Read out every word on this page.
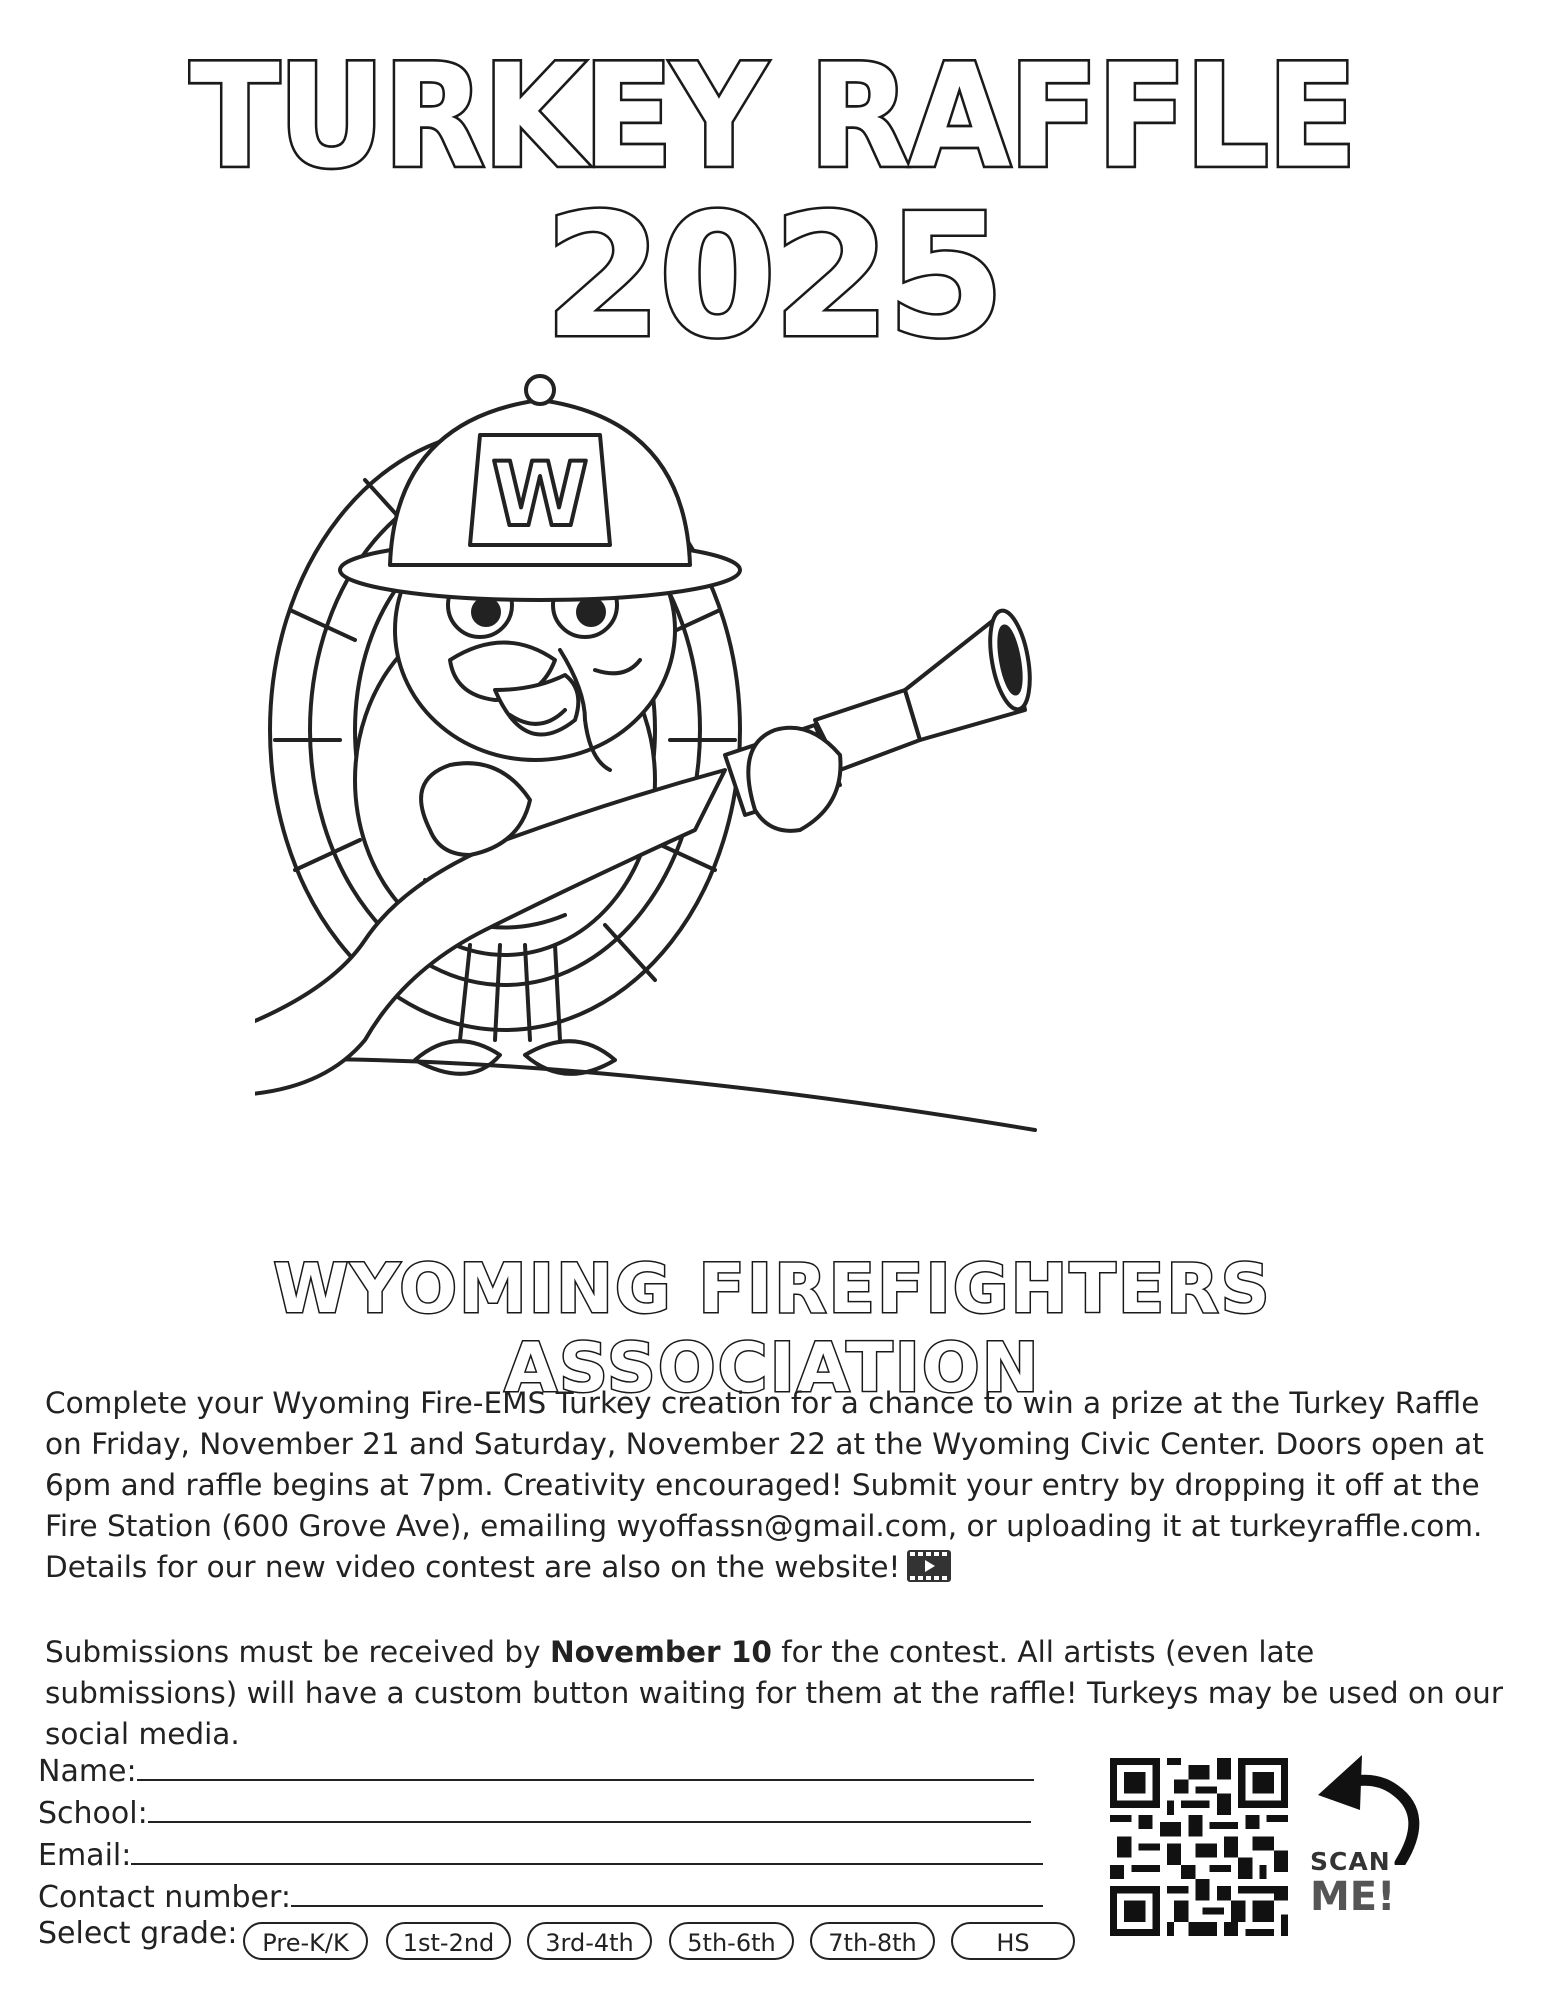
TURKEY RAFFLE
2025
W
WYOMING FIREFIGHTERS ASSOCIATION
Complete your Wyoming Fire-EMS Turkey creation for a chance to win a prize at the Turkey Raffle on Friday, November 21 and Saturday, November 22 at the Wyoming Civic Center. Doors open at 6pm and raffle begins at 7pm. Creativity encouraged! Submit your entry by dropping it off at the Fire Station (600 Grove Ave), emailing wyoffassn@gmail.com, or uploading it at turkeyraffle.com. Details for our new video contest are also on the website!
Submissions must be received by November 10 for the contest. All artists (even late submissions) will have a custom button waiting for them at the raffle! Turkeys may be used on our social media.
Name:
School:
Email:
Contact number:
Select grade:	Pre-K/K	1st-2nd	3rd-4th	5th-6th	7th-8th	HS
SCAN
ME!
